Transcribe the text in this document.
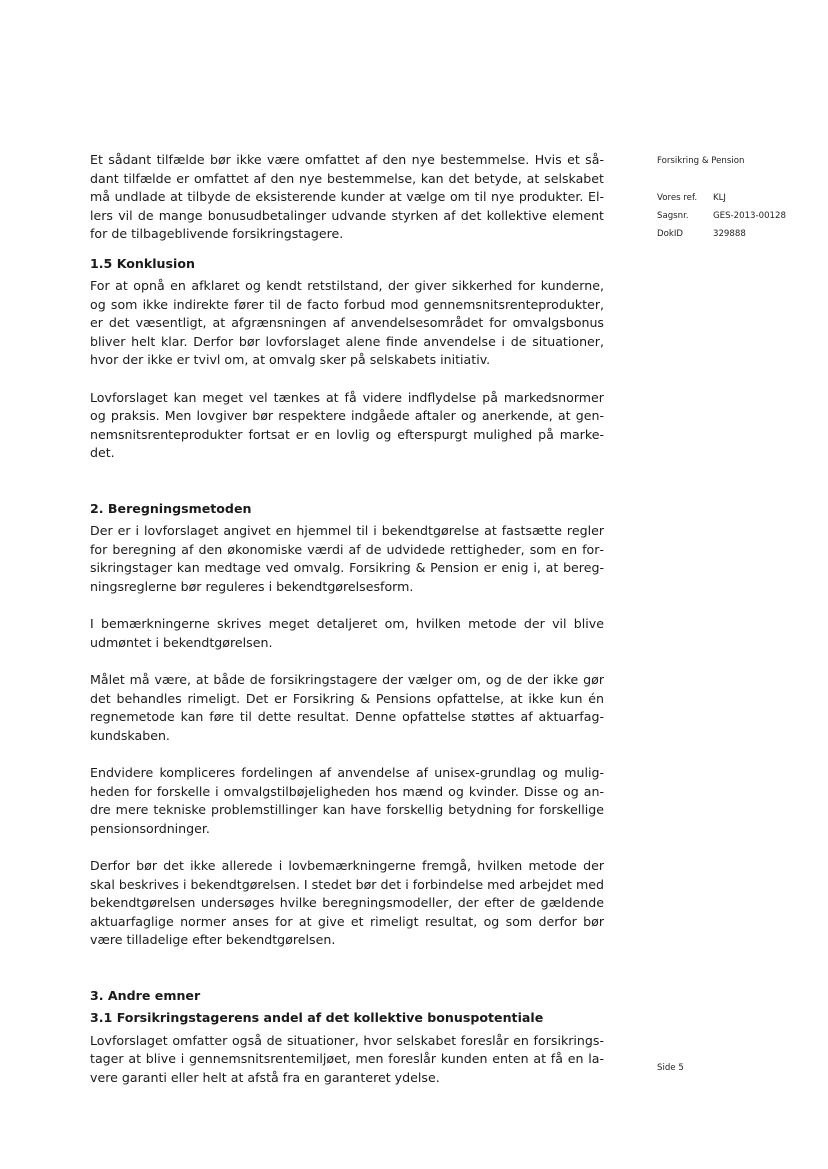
Et sådant tilfælde bør ikke være omfattet af den nye bestemmelse. Hvis et sådant tilfælde er omfattet af den nye bestemmelse, kan det betyde, at selskabet må undlade at tilbyde de eksisterende kunder at vælge om til nye produkter. Ellers vil de mange bonusudbetalinger udvande styrken af det kollektive element for de tilbageblivende forsikringstagere.

1.5 Konklusion

For at opnå en afklaret og kendt retstilstand, der giver sikkerhed for kunderne, og som ikke indirekte fører til de facto forbud mod gennemsnitsrenteprodukter, er det væsentligt, at afgrænsningen af anvendelsesområdet for omvalgsbonus bliver helt klar. Derfor bør lovforslaget alene finde anvendelse i de situationer, hvor der ikke er tvivl om, at omvalg sker på selskabets initiativ.

Lovforslaget kan meget vel tænkes at få videre indflydelse på markedsnormer og praksis. Men lovgiver bør respektere indgåede aftaler og anerkende, at gennemsnitsrenteprodukter fortsat er en lovlig og efterspurgt mulighed på markedet.

2. Beregningsmetoden

Der er i lovforslaget angivet en hjemmel til i bekendtgørelse at fastsætte regler for beregning af den økonomiske værdi af de udvidede rettigheder, som en forsikringstager kan medtage ved omvalg. Forsikring & Pension er enig i, at beregningsreglerne bør reguleres i bekendtgørelsesform.

I bemærkningerne skrives meget detaljeret om, hvilken metode der vil blive udmøntet i bekendtgørelsen.

Målet må være, at både de forsikringstagere der vælger om, og de der ikke gør det behandles rimeligt. Det er Forsikring & Pensions opfattelse, at ikke kun én regnemetode kan føre til dette resultat. Denne opfattelse støttes af aktuarfagkundskaben.

Endvidere kompliceres fordelingen af anvendelse af unisex-grundlag og muligheden for forskelle i omvalgstilbøjeligheden hos mænd og kvinder. Disse og andre mere tekniske problemstillinger kan have forskellig betydning for forskellige pensionsordninger.

Derfor bør det ikke allerede i lovbemærkningerne fremgå, hvilken metode der skal beskrives i bekendtgørelsen. I stedet bør det i forbindelse med arbejdet med bekendtgørelsen undersøges hvilke beregningsmodeller, der efter de gældende aktuarfaglige normer anses for at give et rimeligt resultat, og som derfor bør være tilladelige efter bekendtgørelsen.

3. Andre emner
3.1 Forsikringstagerens andel af det kollektive bonuspotentiale

Lovforslaget omfatter også de situationer, hvor selskabet foreslår en forsikringstager at blive i gennemsnitsrentemiljøet, men foreslår kunden enten at få en lavere garanti eller helt at afstå fra en garanteret ydelse.

Forsikring & Pension

Vores ref.	KLJ
Sagsnr.	GES-2013-00128
DokID	329888
Side 5
